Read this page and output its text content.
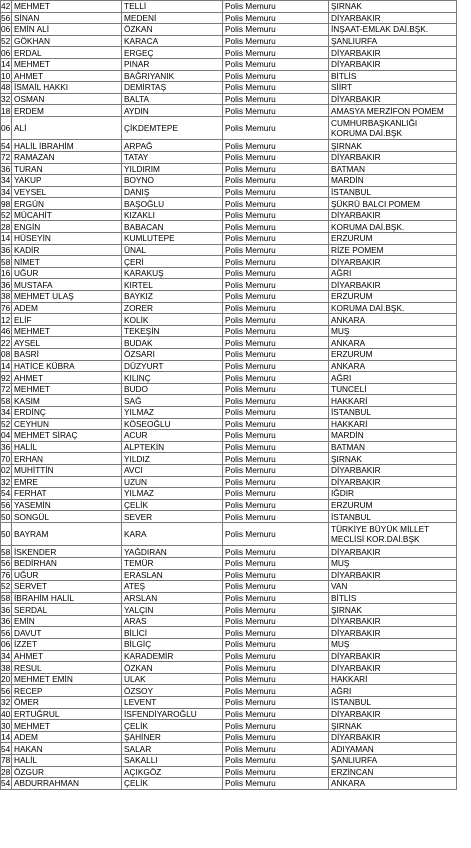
42	MEHMET	TELLİ	Polis Memuru	ŞIRNAK
56	SİNAN	MEDENİ	Polis Memuru	DİYARBAKIR
06	EMİN ALİ	ÖZKAN	Polis Memuru	İNŞAAT-EMLAK DAİ.BŞK.
52	GÖKHAN	KARACA	Polis Memuru	ŞANLIURFA
06	ERDAL	ERGEÇ	Polis Memuru	DİYARBAKIR
14	MEHMET	PINAR	Polis Memuru	DİYARBAKIR
10	AHMET	BAĞRIYANIK	Polis Memuru	BİTLİS
48	İSMAİL HAKKI	DEMİRTAŞ	Polis Memuru	SİİRT
32	OSMAN	BALTA	Polis Memuru	DİYARBAKIR
18	ERDEM	AYDIN	Polis Memuru	AMASYA MERZİFON POMEM
06	ALİ	ÇİKDEMTEPE	Polis Memuru	CUMHURBAŞKANLIĞI KORUMA DAİ.BŞK
54	HALİL İBRAHİM	ARPAĞ	Polis Memuru	ŞIRNAK
72	RAMAZAN	TATAY	Polis Memuru	DİYARBAKIR
36	TURAN	YILDIRIM	Polis Memuru	BATMAN
34	YAKUP	BOYNO	Polis Memuru	MARDİN
34	VEYSEL	DANIŞ	Polis Memuru	İSTANBUL
98	ERGÜN	BAŞOĞLU	Polis Memuru	ŞÜKRÜ BALCI POMEM
52	MÜCAHİT	KIZAKLI	Polis Memuru	DİYARBAKIR
28	ENGİN	BABACAN	Polis Memuru	KORUMA DAİ.BŞK.
14	HÜSEYİN	KUMLUTEPE	Polis Memuru	ERZURUM
36	KADİR	ÜNAL	Polis Memuru	RİZE POMEM
58	NİMET	ÇERİ	Polis Memuru	DİYARBAKIR
16	UĞUR	KARAKUŞ	Polis Memuru	AĞRI
36	MUSTAFA	KIRTEL	Polis Memuru	DİYARBAKIR
38	MEHMET ULAŞ	BAYKIZ	Polis Memuru	ERZURUM
76	ADEM	ZORER	Polis Memuru	KORUMA DAİ.BŞK.
12	ELİF	KOLİK	Polis Memuru	ANKARA
46	MEHMET	TEKEŞİN	Polis Memuru	MUŞ
22	AYSEL	BUDAK	Polis Memuru	ANKARA
08	BASRİ	ÖZSARI	Polis Memuru	ERZURUM
14	HATİCE KÜBRA	DÜZYURT	Polis Memuru	ANKARA
92	AHMET	KILINÇ	Polis Memuru	AĞRI
72	MEHMET	BUDO	Polis Memuru	TUNCELİ
58	KASIM	SAĞ	Polis Memuru	HAKKARİ
34	ERDİNÇ	YILMAZ	Polis Memuru	İSTANBUL
52	CEYHUN	KÖSEOĞLU	Polis Memuru	HAKKARİ
04	MEHMET SİRAÇ	ACUR	Polis Memuru	MARDİN
36	HALİL	ALPTEKİN	Polis Memuru	BATMAN
70	ERHAN	YILDIZ	Polis Memuru	ŞIRNAK
02	MUHİTTİN	AVCI	Polis Memuru	DİYARBAKIR
32	EMRE	UZUN	Polis Memuru	DİYARBAKIR
54	FERHAT	YILMAZ	Polis Memuru	IĞDIR
56	YASEMİN	ÇELİK	Polis Memuru	ERZURUM
50	SONGÜL	SEVER	Polis Memuru	İSTANBUL
50	BAYRAM	KARA	Polis Memuru	TÜRKİYE BÜYÜK MİLLET MECLİSİ KOR.DAİ.BŞK
58	İSKENDER	YAĞDIRAN	Polis Memuru	DİYARBAKIR
56	BEDİRHAN	TEMÜR	Polis Memuru	MUŞ
76	UĞUR	ERASLAN	Polis Memuru	DİYARBAKIR
52	SERVET	ATEŞ	Polis Memuru	VAN
58	İBRAHİM HALİL	ARSLAN	Polis Memuru	BİTLİS
36	SERDAL	YALÇIN	Polis Memuru	ŞIRNAK
36	EMİN	ARAS	Polis Memuru	DİYARBAKIR
56	DAVUT	BİLİCİ	Polis Memuru	DİYARBAKIR
06	İZZET	BİLGİÇ	Polis Memuru	MUŞ
34	AHMET	KARADEMİR	Polis Memuru	DİYARBAKIR
38	RESUL	ÖZKAN	Polis Memuru	DİYARBAKIR
20	MEHMET EMİN	ULAK	Polis Memuru	HAKKARİ
56	RECEP	ÖZSOY	Polis Memuru	AĞRI
32	ÖMER	LEVENT	Polis Memuru	İSTANBUL
40	ERTUĞRUL	İSFENDİYAROĞLU	Polis Memuru	DİYARBAKIR
30	MEHMET	ÇELİK	Polis Memuru	ŞIRNAK
14	ADEM	ŞAHİNER	Polis Memuru	DİYARBAKIR
54	HAKAN	SALAR	Polis Memuru	ADIYAMAN
78	HALİL	SAKALLI	Polis Memuru	ŞANLIURFA
28	ÖZGUR	AÇIKGÖZ	Polis Memuru	ERZİNCAN
54	ABDURRAHMAN	ÇELİK	Polis Memuru	ANKARA
